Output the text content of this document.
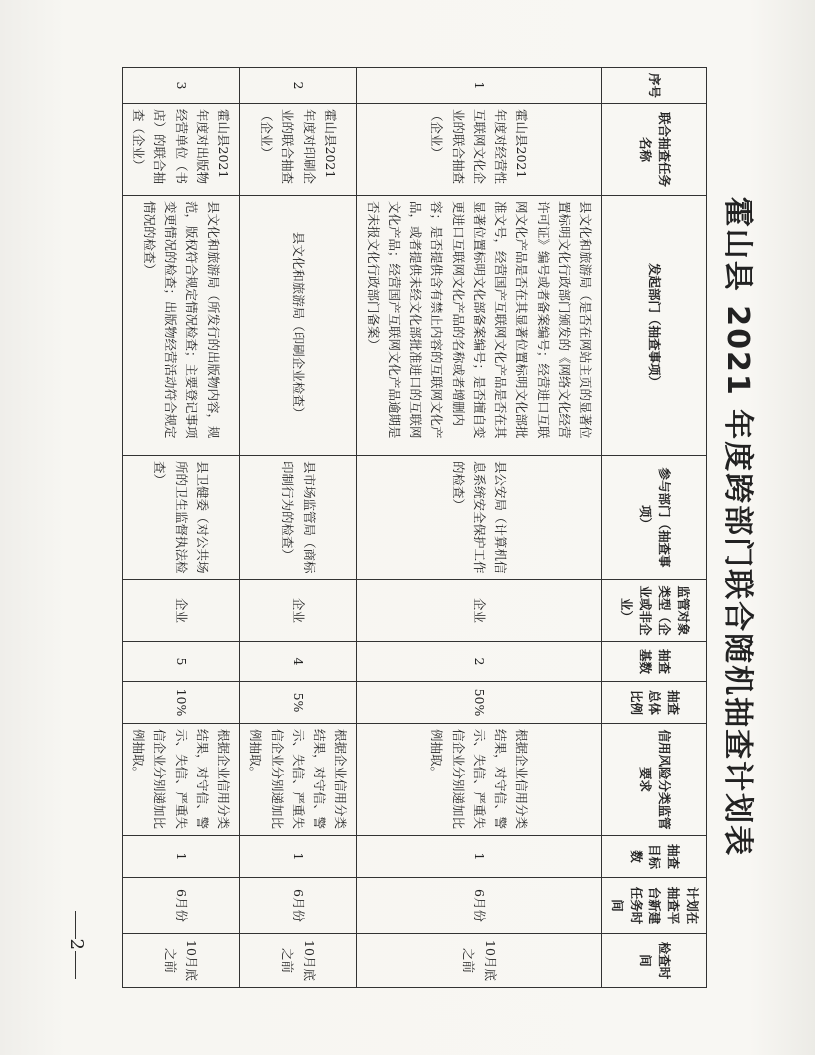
霍山县 2021 年度跨部门联合随机抽查计划表
序号	联合抽查任务名称	发起部门（抽查事项）	参与部门（抽查事项）	监管对象类型（企业或非企业）	抽查基数	抽查总体比例	信用风险分类监管要求	抽查目标数	计划在抽查平台新建任务时间	检查时间
1	霍山县2021年度对经营性互联网文化企业的联合抽查（企业）	县文化和旅游局（是否在网站主页的显著位置标明文化行政部门颁发的《网络文化经营许可证》编号或者备案编号；经营进口互联网文化产品是否在其显著位置标明文化部批准文号，经营国产互联网文化产品是否在其显著位置标明文化部备案编号；是否擅自变更进口互联网文化产品的名称或者增删内容；是否提供含有禁止内容的互联网文化产品，或者提供未经文化部批准进口的互联网文化产品；经营国产互联网文化产品逾期是否未报文化行政部门备案）	县公安局（计算机信息系统安全保护工作的检查）	企业	2	50%	根据企业信用分类结果，对守信、警示、失信、严重失信企业分别递加比例抽取。	1	6月份	10月底之前
2	霍山县2021年度对印刷企业的联合抽查（企业）	县文化和旅游局（印刷企业检查）	县市场监管局（商标印制行为的检查）	企业	4	5%	根据企业信用分类结果，对守信、警示、失信、严重失信企业分别递加比例抽取。	1	6月份	10月底之前
3	霍山县2021年度对出版物经营单位（书店）的联合抽查（企业）	县文化和旅游局（所发行的出版物内容，规范，版权符合规定情况检查；主要登记事项变更情况的检查；出版物经营活动符合规定情况的检查）	县卫健委（对公共场所的卫生监督执法检查）	企业	5	10%	根据企业信用分类结果，对守信、警示、失信、严重失信企业分别递加比例抽取。	1	6月份	10月底之前
2
